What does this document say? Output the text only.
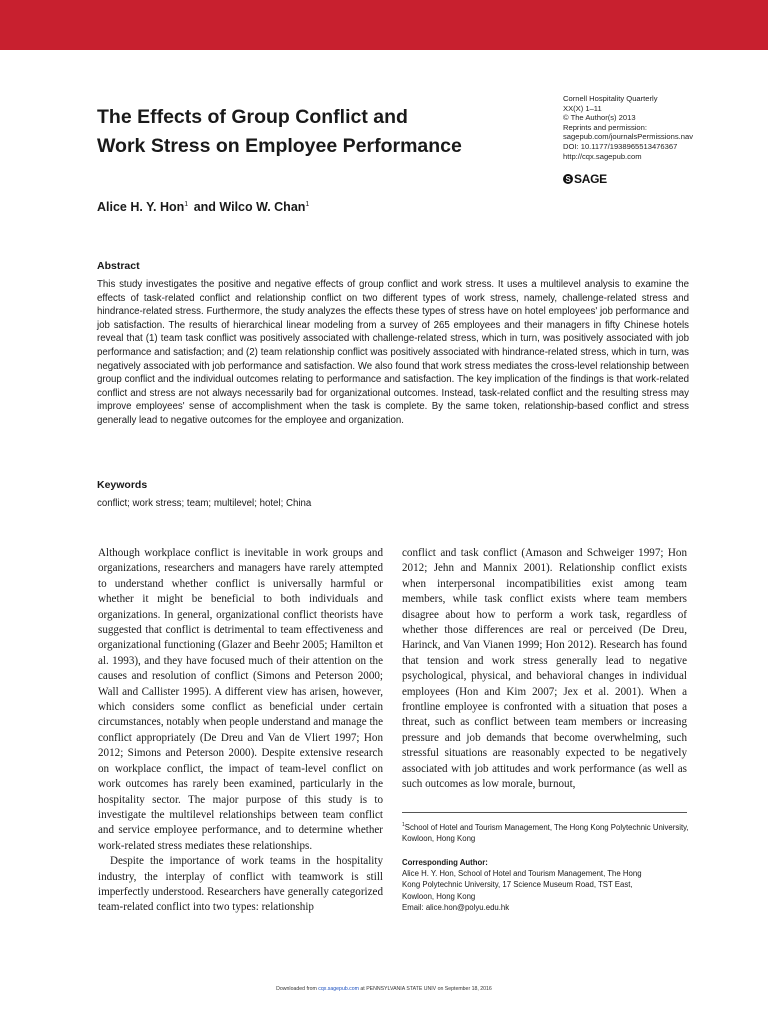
The Effects of Group Conflict and
Work Stress on Employee Performance
Cornell Hospitality Quarterly
XX(X) 1–11
© The Author(s) 2013
Reprints and permission:
sagepub.com/journalsPermissions.nav
DOI: 10.1177/1938965513476367
http://cqx.sagepub.com
S SAGE
Alice H. Y. Hon$^1$ and Wilco W. Chan$^1$
Abstract

This study investigates the positive and negative effects of group conflict and work stress. It uses a multilevel analysis to examine the effects of task-related conflict and relationship conflict on two different types of work stress, namely, challenge-related stress and hindrance-related stress. Furthermore, the study analyzes the effects these types of stress have on hotel employees' job performance and job satisfaction. The results of hierarchical linear modeling from a survey of 265 employees and their managers in fifty Chinese hotels reveal that (1) team task conflict was positively associated with challenge-related stress, which in turn, was positively associated with job performance and satisfaction; and (2) team relationship conflict was positively associated with hindrance-related stress, which in turn, was negatively associated with job performance and satisfaction. We also found that work stress mediates the cross-level relationship between group conflict and the individual outcomes relating to performance and satisfaction. The key implication of the findings is that work-related conflict and stress are not always necessarily bad for organizational outcomes. Instead, task-related conflict and the resulting stress may improve employees' sense of accomplishment when the task is complete. By the same token, relationship-based conflict and stress generally lead to negative outcomes for the employee and organization.

Keywords
conflict; work stress; team; multilevel; hotel; China

Although workplace conflict is inevitable in work groups and organizations, researchers and managers have rarely attempted to understand whether conflict is universally harmful or whether it might be beneficial to both individuals and organizations. In general, organizational conflict theorists have suggested that conflict is detrimental to team effectiveness and organizational functioning (Glazer and Beehr 2005; Hamilton et al. 1993), and they have focused much of their attention on the causes and resolution of conflict (Simons and Peterson 2000; Wall and Callister 1995). A different view has arisen, however, which considers some conflict as beneficial under certain circumstances, notably when people understand and manage the conflict appropriately (De Dreu and Van de Vliert 1997; Hon 2012; Simons and Peterson 2000). Despite extensive research on workplace conflict, the impact of team-level conflict on work outcomes has rarely been examined, particularly in the hospitality sector. The major purpose of this study is to investigate the multilevel relationships between team conflict and service employee performance, and to determine whether work-related stress mediates these relationships.

Despite the importance of work teams in the hospitality industry, the interplay of conflict with teamwork is still imperfectly understood. Researchers have generally categorized team-related conflict into two types: relationship

conflict and task conflict (Amason and Schweiger 1997; Hon 2012; Jehn and Mannix 2001). Relationship conflict exists when interpersonal incompatibilities exist among team members, while task conflict exists where team members disagree about how to perform a work task, regardless of whether those differences are real or perceived (De Dreu, Harinck, and Van Vianen 1999; Hon 2012). Research has found that tension and work stress generally lead to negative psychological, physical, and behavioral changes in individual employees (Hon and Kim 2007; Jex et al. 2001). When a frontline employee is confronted with a situation that poses a threat, such as conflict between team members or increasing pressure and job demands that become overwhelming, such stressful situations are reasonably expected to be negatively associated with job attitudes and work performance (as well as such outcomes as low morale, burnout,

$^1$School of Hotel and Tourism Management, The Hong Kong Polytechnic University, Kowloon, Hong Kong
Corresponding Author:
Alice H. Y. Hon, School of Hotel and Tourism Management, The Hong
Kong Polytechnic University, 17 Science Museum Road, TST East,
Kowloon, Hong Kong
Email: alice.hon@polyu.edu.hk
Downloaded from cqx.sagepub.com at PENNSYLVANIA STATE UNIV on September 18, 2016
